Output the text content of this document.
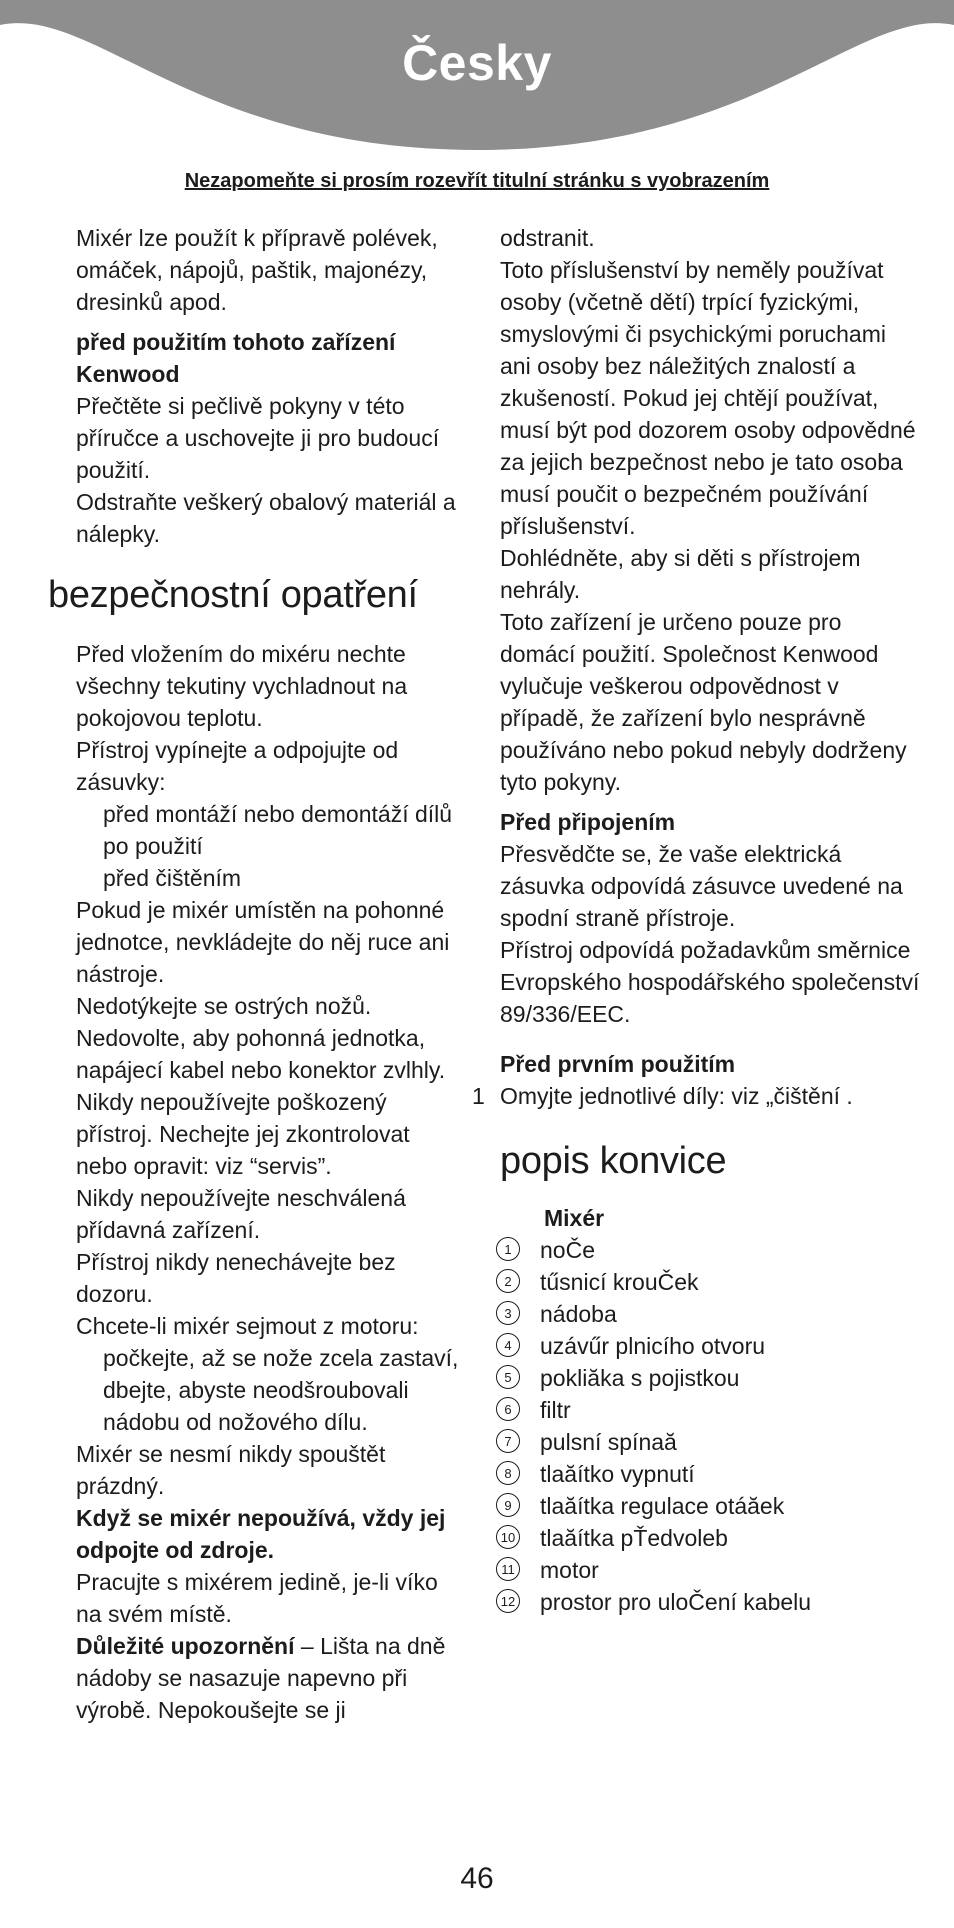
Česky
Nezapomeňte si prosím rozevřít titulní stránku s vyobrazením

Mixér lze použít k přípravě polévek, omáček, nápojů, paštik, majonézy, dresinků apod.

před použitím tohoto zařízení Kenwood

Přečtěte si pečlivě pokyny v této příručce a uschovejte ji pro budoucí použití.

Odstraňte veškerý obalový materiál a nálepky.

bezpečnostní opatření

Před vložením do mixéru nechte všechny tekutiny vychladnout na pokojovou teplotu.

Přístroj vypínejte a odpojujte od zásuvky:

před montáží nebo demontáží dílů

po použití

před čištěním

Pokud je mixér umístěn na pohonné jednotce, nevkládejte do něj ruce ani nástroje.

Nedotýkejte se ostrých nožů.

Nedovolte, aby pohonná jednotka, napájecí kabel nebo konektor zvlhly.

Nikdy nepoužívejte poškozený přístroj. Nechejte jej zkontrolovat nebo opravit: viz “servis”.

Nikdy nepoužívejte neschválená přídavná zařízení.

Přístroj nikdy nenechávejte bez dozoru.

Chcete-li mixér sejmout z motoru:

počkejte, až se nože zcela zastaví,

dbejte, abyste neodšroubovali nádobu od nožového dílu.

Mixér se nesmí nikdy spouštět prázdný.

Když se mixér nepoužívá, vždy jej odpojte od zdroje.

Pracujte s mixérem jedině, je-li víko na svém místě.

Důležité upozornění – Lišta na dně nádoby se nasazuje napevno při výrobě. Nepokoušejte se ji

odstranit.

Toto příslušenství by neměly používat osoby (včetně dětí) trpící fyzickými, smyslovými či psychickými poruchami ani osoby bez náležitých znalostí a zkušeností. Pokud jej chtějí používat, musí být pod dozorem osoby odpovědné za jejich bezpečnost nebo je tato osoba musí poučit o bezpečném používání příslušenství.

Dohlédněte, aby si děti s přístrojem nehrály.

Toto zařízení je určeno pouze pro domácí použití. Společnost Kenwood vylučuje veškerou odpovědnost v případě, že zařízení bylo nesprávně používáno nebo pokud nebyly dodrženy tyto pokyny.

Před připojením

Přesvědčte se, že vaše elektrická zásuvka odpovídá zásuvce uvedené na spodní straně přístroje.

Přístroj odpovídá požadavkům směrnice Evropského hospodářského společenství 89/336/EEC.

Před prvním použitím

1 Omyjte jednotlivé díly: viz „čištění .

popis konvice

Mixér

1	noČe

2	tűsnicí krouČek

3	nádoba

4	uzávűr plnicího otvoru

5	pokliăka s pojistkou

6	filtr

7	pulsní spínaă

8	tlaăítko vypnutí

9	tlaăítka regulace otáăek

10 tlaăítka pŤedvoleb

11 motor

12 prostor pro uloČení kabelu

46
